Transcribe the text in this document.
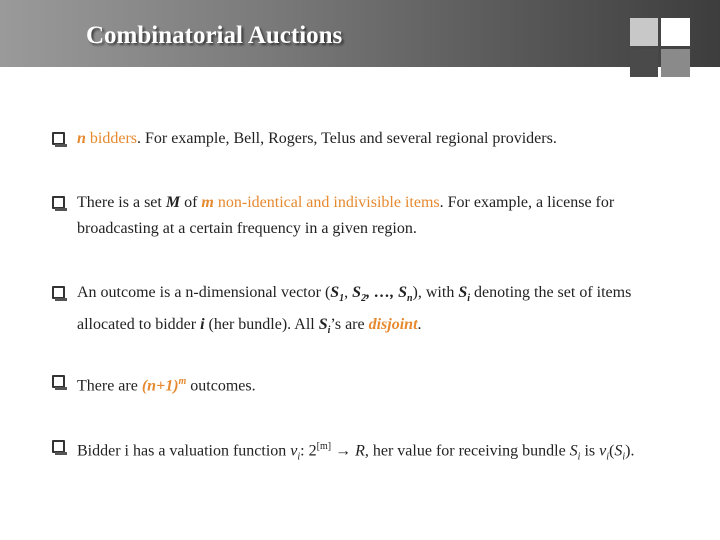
Combinatorial Auctions
n bidders. For example, Bell, Rogers, Telus and several regional providers.
There is a set M of m non-identical and indivisible items. For example, a license for broadcasting at a certain frequency in a given region.
An outcome is a n-dimensional vector ($S_1$, $S_2$, …, $S_n$), with $S_i$ denoting the set of items allocated to bidder i (her bundle). All $S_i’s$ are disjoint.
There are $(n+1)^m$ outcomes.
Bidder i has a valuation function $v_i$: 2[m] → R, her value for receiving bundle $S_i$ is $v_i(S_i)$.
